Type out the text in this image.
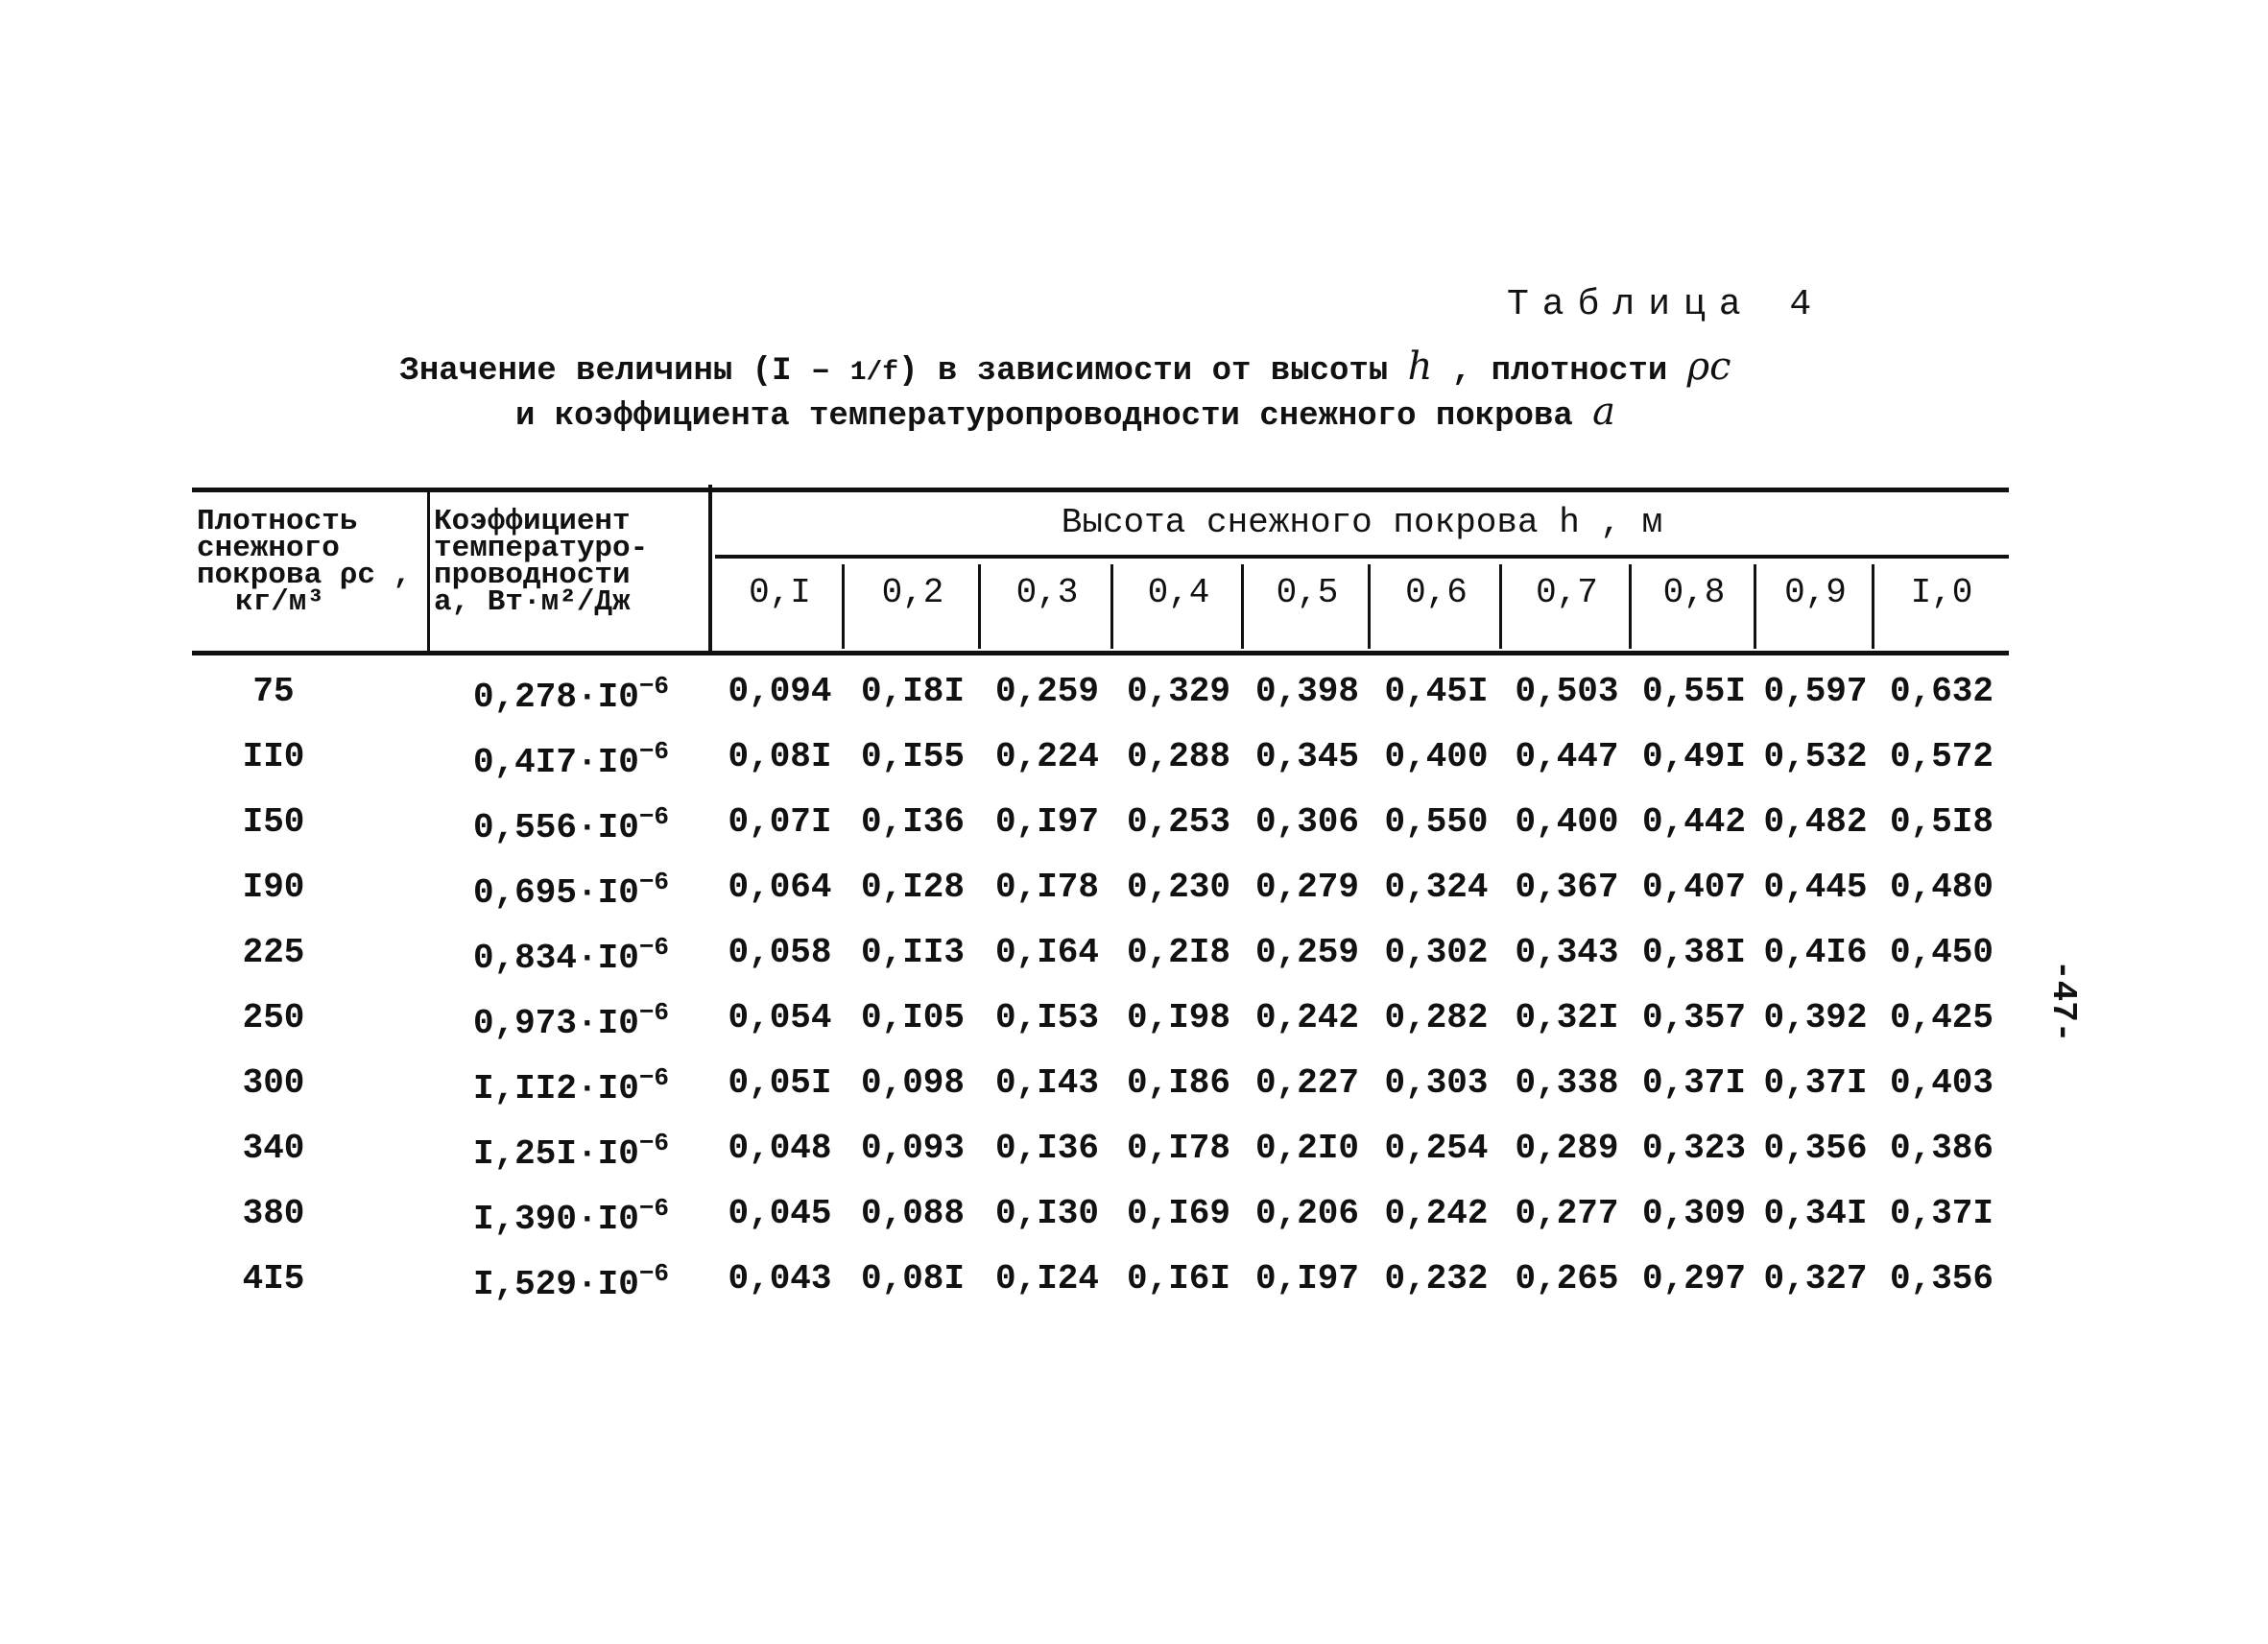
Таблица 4
Значение величины (I – 1/f) в зависимости от высоты h , плотности ρc
и коэффициента температуропроводности снежного покрова a
Плотность
снежного
покрова ρc ,
кг/м³
Коэффициент
температуро-
проводности
a, Вт·м²/Дж
Высота снежного покрова h , м
0,I	0,2	0,3	0,4	0,5	0,6	0,7	0,8	0,9	I,0
75	$0,278\cdot I0^{-6}$	0,094 0,I8I 0,259 0,329 0,398 0,45I 0,503 0,55I 0,597 0,632
II0	$0,4I7\cdot I0^{-6}$	0,08I 0,I55 0,224 0,288 0,345 0,400 0,447 0,49I 0,532 0,572
I50	$0,556\cdot I0^{-6}$	0,07I 0,I36 0,I97 0,253 0,306 0,550 0,400 0,442 0,482 0,5I8
I90	$0,695\cdot I0^{-6}$	0,064 0,I28 0,I78 0,230 0,279 0,324 0,367 0,407 0,445 0,480
225	$0,834\cdot I0^{-6}$	0,058 0,II3 0,I64 0,2I8 0,259 0,302 0,343 0,38I 0,4I6 0,450
250	$0,973\cdot I0^{-6}$	0,054 0,I05 0,I53 0,I98 0,242 0,282 0,32I 0,357 0,392 0,425
300	$I,II2\cdot I0^{-6}$	0,05I 0,098 0,I43 0,I86 0,227 0,303 0,338 0,37I 0,37I 0,403
340	$I,25I\cdot I0^{-6}$	0,048 0,093 0,I36 0,I78 0,2I0 0,254 0,289 0,323 0,356 0,386
380	$I,390\cdot I0^{-6}$	0,045 0,088 0,I30 0,I69 0,206 0,242 0,277 0,309 0,34I 0,37I
4I5	$I,529\cdot I0^{-6}$	0,043 0,08I 0,I24 0,I6I 0,I97 0,232 0,265 0,297 0,327 0,356
-47-
